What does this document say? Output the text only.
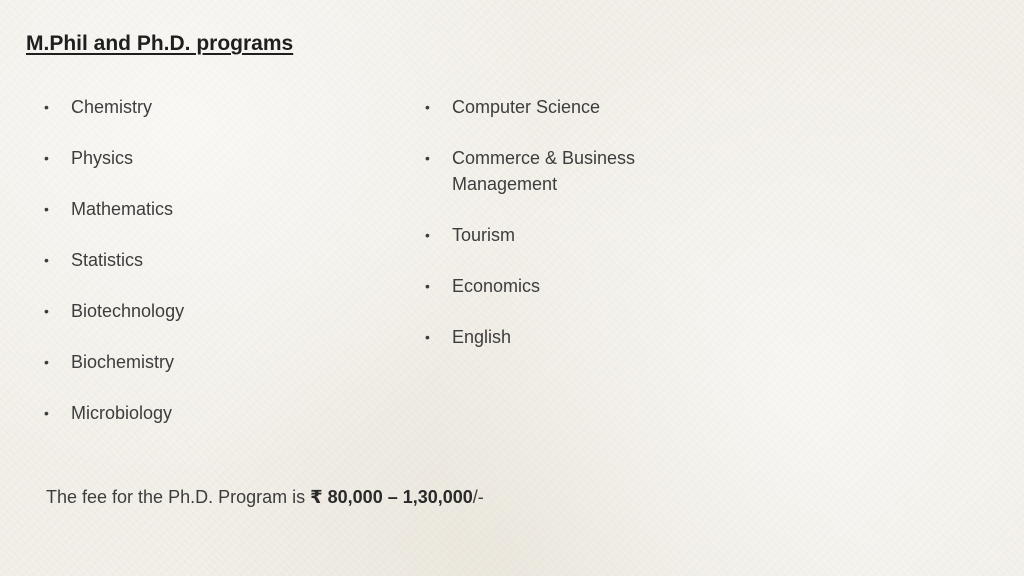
M.Phil and Ph.D. programs
• Chemistry
• Physics
• Mathematics
• Statistics
• Biotechnology
• Biochemistry
• Microbiology
• Computer Science
• Commerce & Business Management
• Tourism
• Economics
• English

The fee for the Ph.D. Program is ₹ 80,000 – 1,30,000/-
